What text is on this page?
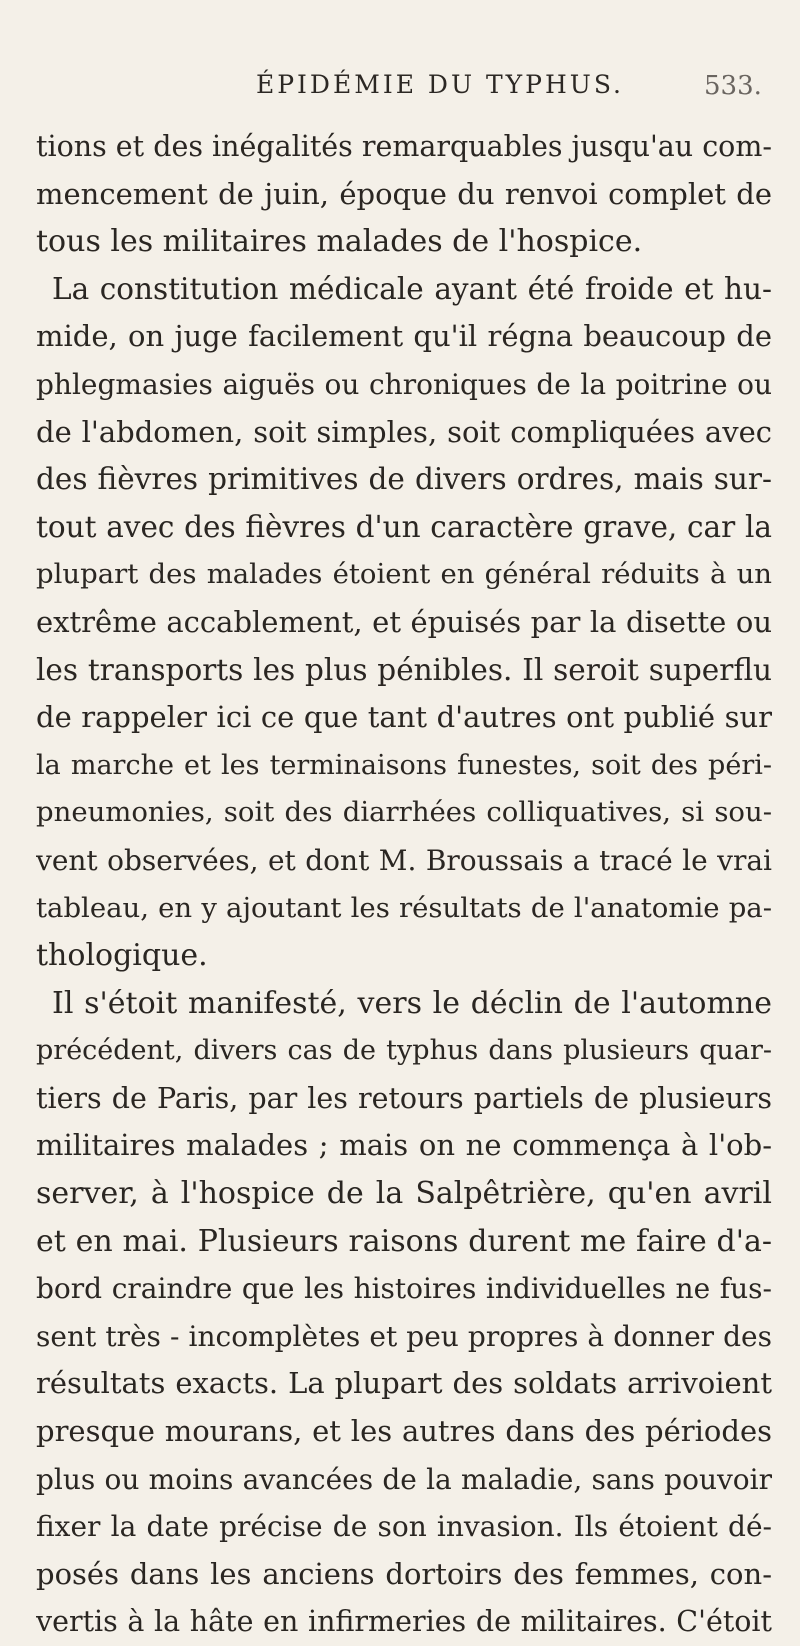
ÉPIDÉMIE DU TYPHUS.	533.
tions et des inégalités remarquables jusqu'au com-
mencement de juin, époque du renvoi complet de
tous les militaires malades de l'hospice.
La constitution médicale ayant été froide et hu-
mide, on juge facilement qu'il régna beaucoup de
phlegmasies aiguës ou chroniques de la poitrine ou
de l'abdomen, soit simples, soit compliquées avec
des fièvres primitives de divers ordres, mais sur-
tout avec des fièvres d'un caractère grave, car la
plupart des malades étoient en général réduits à un
extrême accablement, et épuisés par la disette ou
les transports les plus pénibles. Il seroit superflu
de rappeler ici ce que tant d'autres ont publié sur
la marche et les terminaisons funestes, soit des péri-
pneumonies, soit des diarrhées colliquatives, si sou-
vent observées, et dont M. Broussais a tracé le vrai
tableau, en y ajoutant les résultats de l'anatomie pa-
thologique.
Il s'étoit manifesté, vers le déclin de l'automne
précédent, divers cas de typhus dans plusieurs quar-
tiers de Paris, par les retours partiels de plusieurs
militaires malades ; mais on ne commença à l'ob-
server, à l'hospice de la Salpêtrière, qu'en avril
et en mai. Plusieurs raisons durent me faire d'a-
bord craindre que les histoires individuelles ne fus-
sent très - incomplètes et peu propres à donner des
résultats exacts. La plupart des soldats arrivoient
presque mourans, et les autres dans des périodes
plus ou moins avancées de la maladie, sans pouvoir
fixer la date précise de son invasion. Ils étoient dé-
posés dans les anciens dortoirs des femmes, con-
vertis à la hâte en infirmeries de militaires. C'étoit
